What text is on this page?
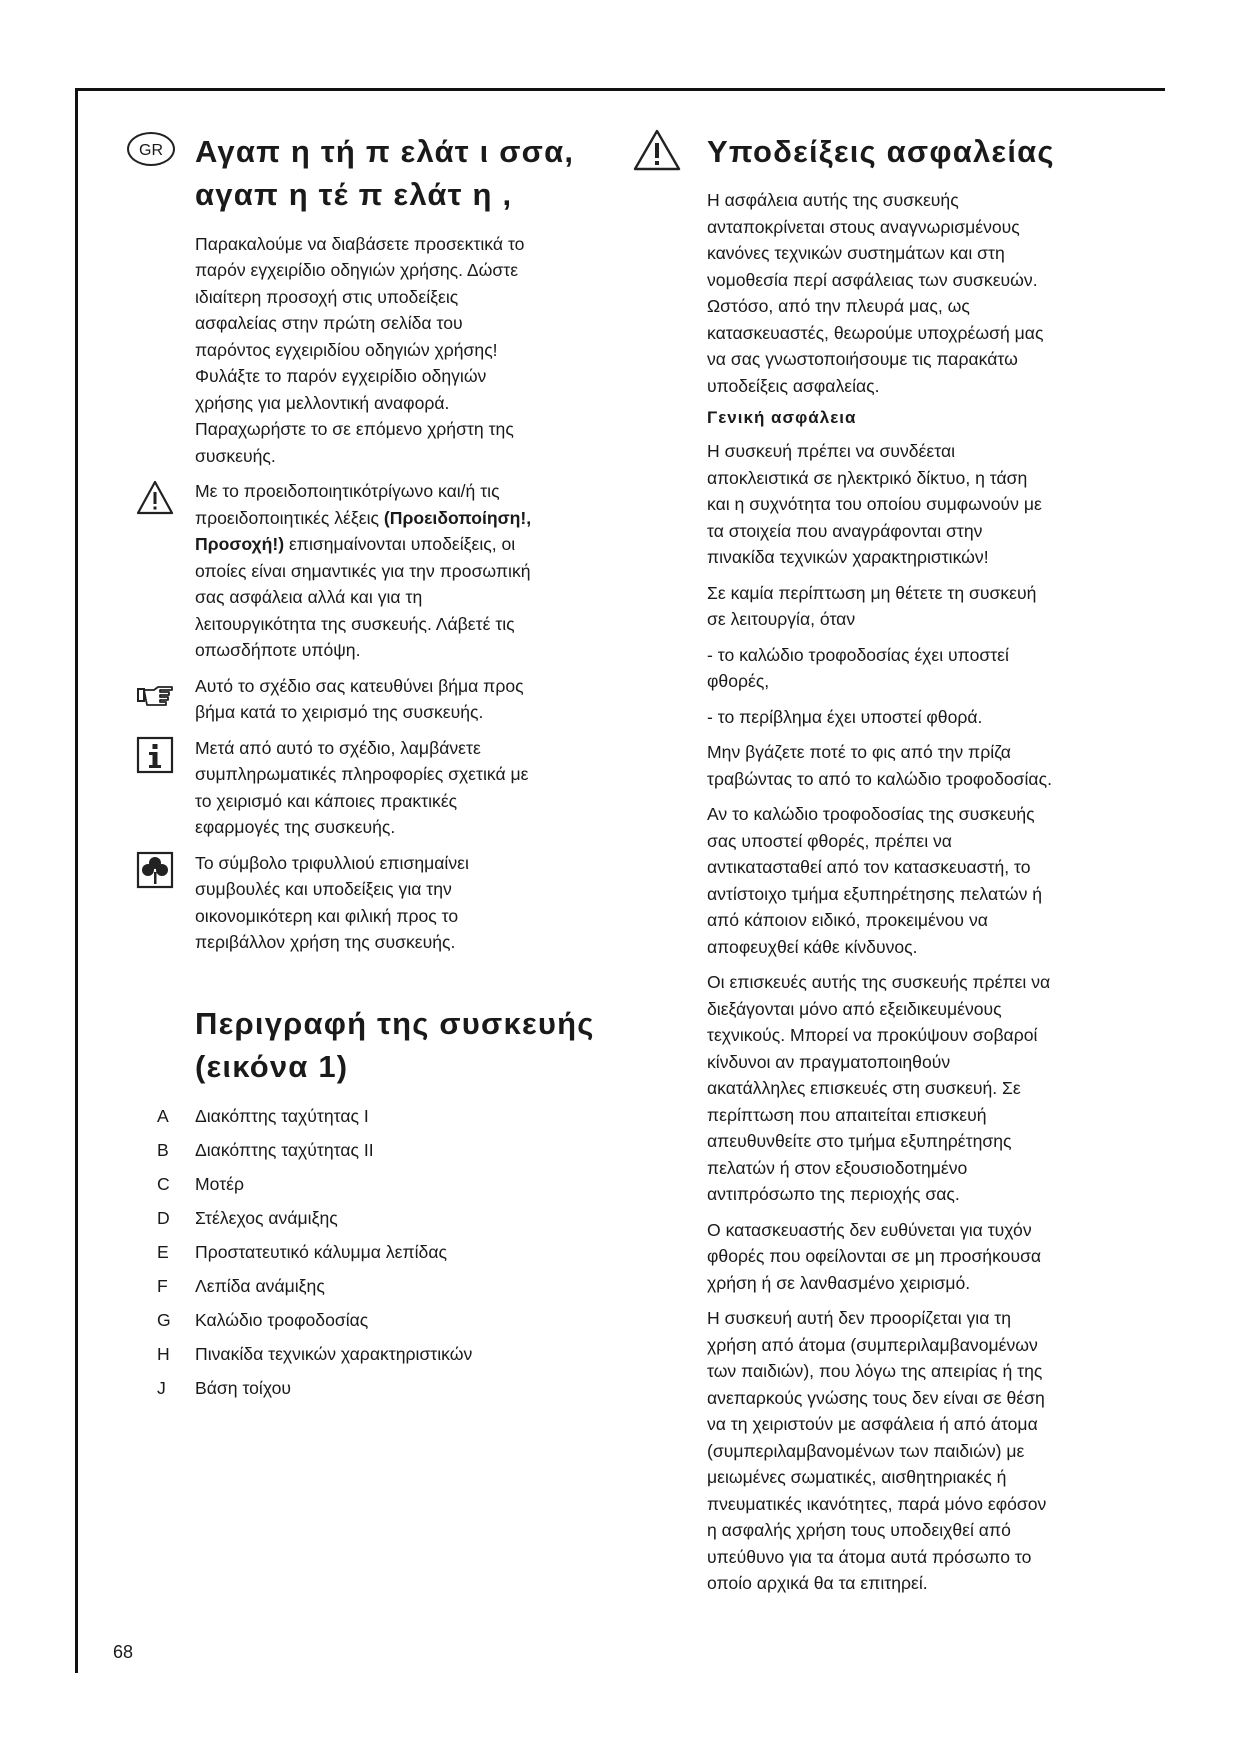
GR	Αγαπ η τή π ελάτ ι σσα,
αγαπ η τέ π ελάτ η ,
Παρακαλούμε να διαβάσετε προσεκτικά το
παρόν εγχειρίδιο οδηγιών χρήσης. Δώστε
ιδιαίτερη προσοχή στις υποδείξεις
ασφαλείας στην πρώτη σελίδα του
παρόντος εγχειριδίου οδηγιών χρήσης!
Φυλάξτε το παρόν εγχειρίδιο οδηγιών
χρήσης για μελλοντική αναφορά.
Παραχωρήστε το σε επόμενο χρήστη της
συσκευής.
Με το προειδοποιητικότρίγωνο και/ή τις
προειδοποιητικές λέξεις (Προειδοποίηση!,
Προσοχή!) επισημαίνονται υποδείξεις, οι
οποίες είναι σημαντικές για την προσωπική
σας ασφάλεια αλλά και για τη
λειτουργικότητα της συσκευής. Λάβετέ τις
οπωσδήποτε υπόψη.
Αυτό το σχέδιο σας κατευθύνει βήμα προς
βήμα κατά το χειρισμό της συσκευής.
Μετά από αυτό το σχέδιο, λαμβάνετε
συμπληρωματικές πληροφορίες σχετικά με
το χειρισμό και κάποιες πρακτικές
εφαρμογές της συσκευής.
Το σύμβολο τριφυλλιού επισημαίνει
συμβουλές και υποδείξεις για την
οικονομικότερη και φιλική προς το
περιβάλλον χρήση της συσκευής.
Περιγραφή της συσκευής
(εικόνα 1)
A Διακόπτης ταχύτητας I
B Διακόπτης ταχύτητας II
C Μοτέρ
D Στέλεχος ανάμιξης
E Προστατευτικό κάλυμμα λεπίδας
F Λεπίδα ανάμιξης
G Καλώδιο τροφοδοσίας
H Πινακίδα τεχνικών χαρακτηριστικών
J Βάση τοίχου
Υποδείξεις ασφαλείας
Η ασφάλεια αυτής της συσκευής
ανταποκρίνεται στους αναγνωρισμένους
κανόνες τεχνικών συστημάτων και στη
νομοθεσία περί ασφάλειας των συσκευών.
Ωστόσο, από την πλευρά μας, ως
κατασκευαστές, θεωρούμε υποχρέωσή μας
να σας γνωστοποιήσουμε τις παρακάτω
υποδείξεις ασφαλείας.
Γενική ασφάλεια
Η συσκευή πρέπει να συνδέεται
αποκλειστικά σε ηλεκτρικό δίκτυο, η τάση
και η συχνότητα του οποίου συμφωνούν με
τα στοιχεία που αναγράφονται στην
πινακίδα τεχνικών χαρακτηριστικών!
Σε καμία περίπτωση μη θέτετε τη συσκευή
σε λειτουργία, όταν
- το καλώδιο τροφοδοσίας έχει υποστεί
φθορές,
- το περίβλημα έχει υποστεί φθορά.
Μην βγάζετε ποτέ το φις από την πρίζα
τραβώντας το από το καλώδιο τροφοδοσίας.
Αν το καλώδιο τροφοδοσίας της συσκευής
σας υποστεί φθορές, πρέπει να
αντικατασταθεί από τον κατασκευαστή, το
αντίστοιχο τμήμα εξυπηρέτησης πελατών ή
από κάποιον ειδικό, προκειμένου να
αποφευχθεί κάθε κίνδυνος.
Οι επισκευές αυτής της συσκευής πρέπει να
διεξάγονται μόνο από εξειδικευμένους
τεχνικούς. Μπορεί να προκύψουν σοβαροί
κίνδυνοι αν πραγματοποιηθούν
ακατάλληλες επισκευές στη συσκευή. Σε
περίπτωση που απαιτείται επισκευή
απευθυνθείτε στο τμήμα εξυπηρέτησης
πελατών ή στον εξουσιοδοτημένο
αντιπρόσωπο της περιοχής σας.
Ο κατασκευαστής δεν ευθύνεται για τυχόν
φθορές που οφείλονται σε μη προσήκουσα
χρήση ή σε λανθασμένο χειρισμό.
Η συσκευή αυτή δεν προορίζεται για τη
χρήση από άτομα (συμπεριλαμβανομένων
των παιδιών), που λόγω της απειρίας ή της
ανεπαρκούς γνώσης τους δεν είναι σε θέση
να τη χειριστούν με ασφάλεια ή από άτομα
(συμπεριλαμβανομένων των παιδιών) με
μειωμένες σωματικές, αισθητηριακές ή
πνευματικές ικανότητες, παρά μόνο εφόσον
η ασφαλής χρήση τους υποδειχθεί από
υπεύθυνο για τα άτομα αυτά πρόσωπο το
οποίο αρχικά θα τα επιτηρεί.
68
